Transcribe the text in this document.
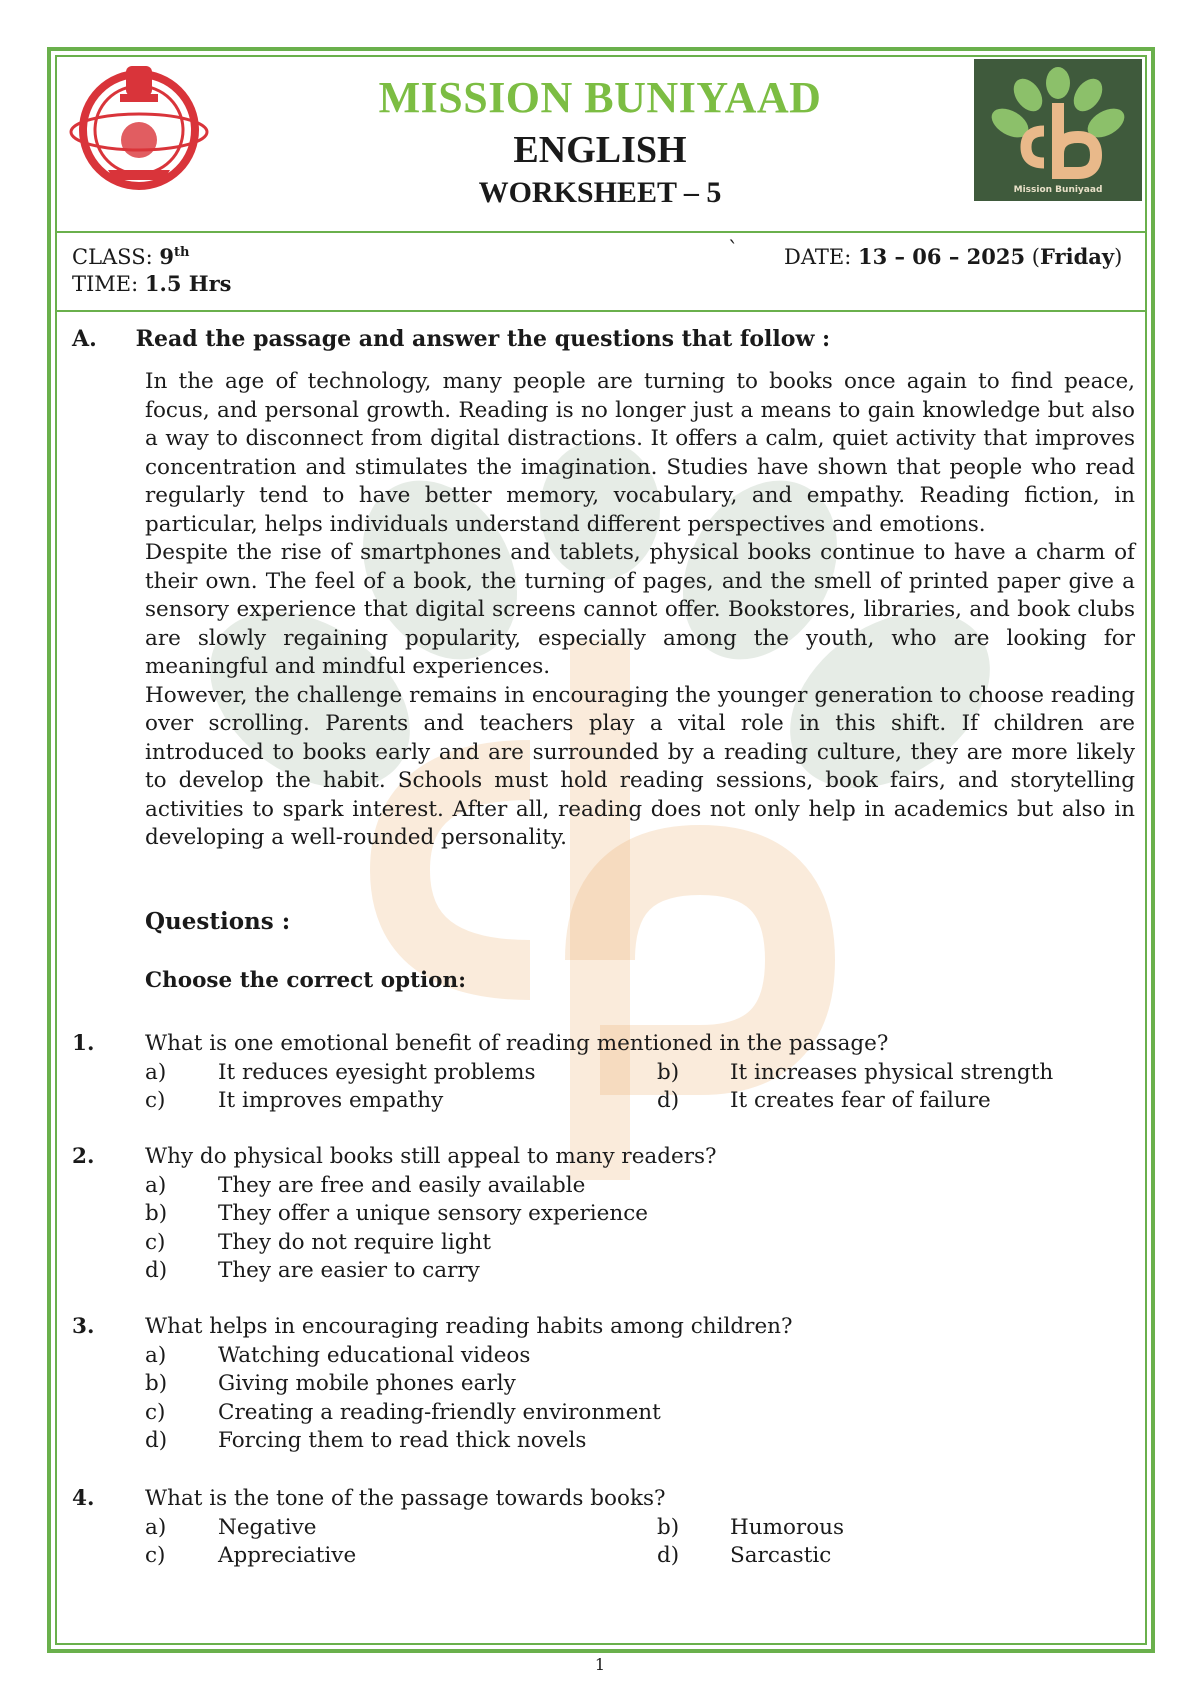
Mission Buniyaad
MISSION BUNIYAAD
ENGLISH
WORKSHEET – 5
CLASS: 9th
TIME: 1.5 Hrs
` DATE: 13 – 06 – 2025 (Friday)
A. Read the passage and answer the questions that follow :

In the age of technology, many people are turning to books once again to find peace, focus, and personal growth. Reading is no longer just a means to gain knowledge but also a way to disconnect from digital distractions. It offers a calm, quiet activity that improves concentration and stimulates the imagination. Studies have shown that people who read regularly tend to have better memory, vocabulary, and empathy. Reading fiction, in particular, helps individuals understand different perspectives and emotions.

Despite the rise of smartphones and tablets, physical books continue to have a charm of their own. The feel of a book, the turning of pages, and the smell of printed paper give a sensory experience that digital screens cannot offer. Bookstores, libraries, and book clubs are slowly regaining popularity, especially among the youth, who are looking for meaningful and mindful experiences.

However, the challenge remains in encouraging the younger generation to choose reading over scrolling. Parents and teachers play a vital role in this shift. If children are introduced to books early and are surrounded by a reading culture, they are more likely to develop the habit. Schools must hold reading sessions, book fairs, and storytelling activities to spark interest. After all, reading does not only help in academics but also in developing a well-rounded personality.

Questions :
Choose the correct option:
1.	What is one emotional benefit of reading mentioned in the passage?
a)	It reduces eyesight problems	b)	It increases physical strength
c)	It improves empathy	d)	It creates fear of failure
2.	Why do physical books still appeal to many readers?
a)	They are free and easily available

b)	They offer a unique sensory experience

c)	They do not require light

d)	They are easier to carry
3.	What helps in encouraging reading habits among children?
a)	Watching educational videos

b)	Giving mobile phones early

c)	Creating a reading-friendly environment

d)	Forcing them to read thick novels
4.	What is the tone of the passage towards books?
a)	Negative	b)	Humorous
c)	Appreciative	d)	Sarcastic
1
